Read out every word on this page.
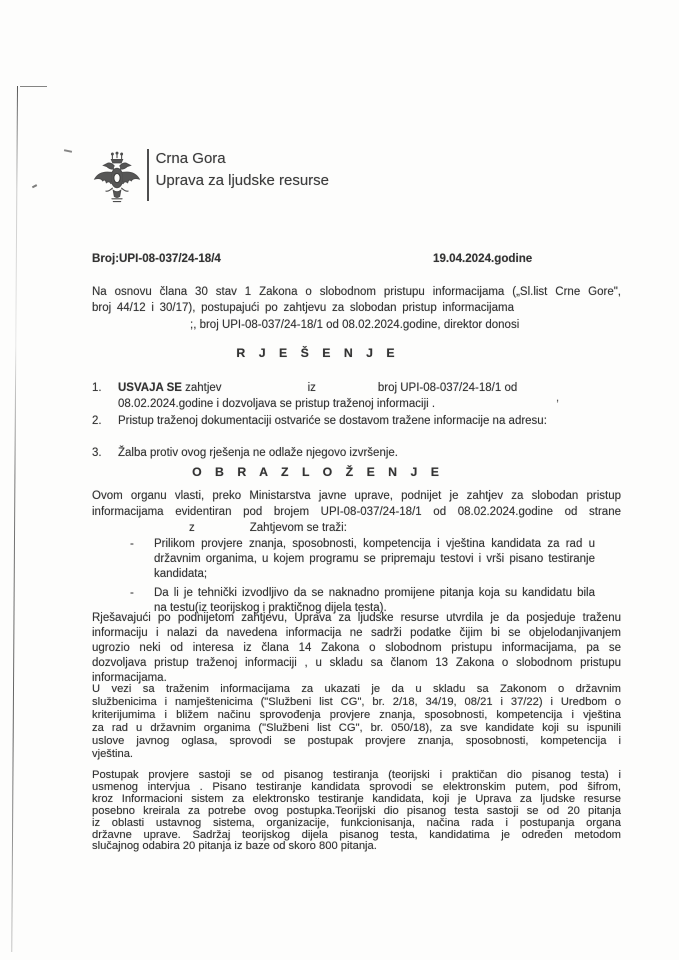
,
Crna Gora
Uprava za ljudske resurse
Broj:UPI-08-037/24-18/4	19.04.2024.godine
Na osnovu člana 30 stav 1 Zakona o slobodnom pristupu informacijama („Sl.list Crne Gore",
broj 44/12 i 30/17), postupajući po zahtjevu za slobodan pristup informacijama
;, broj UPI-08-037/24-18/1 od 08.02.2024.godine, direktor donosi
R J E Š E N J E
1.	USVAJA SE zahtjev	iz	broj UPI-08-037/24-18/1 od
08.02.2024.godine i dozvoljava se pristup traženoj informaciji .
2.	Pristup traženoj dokumentaciji ostvariće se dostavom tražene informacije na adresu:
3.	Žalba protiv ovog rješenja ne odlaže njegovo izvršenje.
O B R A Z L O Ž E N J E
Ovom organu vlasti, preko Ministarstva javne uprave, podnijet je zahtjev za slobodan pristup
informacijama evidentiran pod brojem UPI-08-037/24-18/1 od 08.02.2024.godine od strane
z	Zahtjevom se traži:
-	Prilikom provjere znanja, sposobnosti, kompetencija i vještina kandidata za rad u
državnim organima, u kojem programu se pripremaju testovi i vrši pisano testiranje
kandidata;
-	Da li je tehnički izvodljivo da se naknadno promijene pitanja koja su kandidatu bila
na testu(iz teorijskog i praktičnog dijela testa).
Rješavajući po podnijetom zahtjevu, Uprava za ljudske resurse utvrdila je da posjeduje traženu
informaciju i nalazi da navedena informacija ne sadrži podatke čijim bi se objelodanjivanjem
ugrozio neki od interesa iz člana 14 Zakona o slobodnom pristupu informacijama, pa se
dozvoljava pristup traženoj informaciji , u skladu sa članom 13 Zakona o slobodnom pristupu
informacijama.
U vezi sa traženim informacijama za ukazati je da u skladu sa Zakonom o državnim
službenicima i namještenicima ("Službeni list CG", br. 2/18, 34/19, 08/21 i 37/22) i Uredbom o
kriterijumima i bližem načinu sprovođenja provjere znanja, sposobnosti, kompetencija i vještina
za rad u državnim organima ("Službeni list CG", br. 050/18), za sve kandidate koji su ispunili
uslove javnog oglasa, sprovodi se postupak provjere znanja, sposobnosti, kompetencija i
vještina.
Postupak provjere sastoji se od pisanog testiranja (teorijski i praktičan dio pisanog testa) i
usmenog intervjua . Pisano testiranje kandidata sprovodi se elektronskim putem, pod šifrom,
kroz Informacioni sistem za elektronsko testiranje kandidata, koji je Uprava za ljudske resurse
posebno kreirala za potrebe ovog postupka.Teorijski dio pisanog testa sastoji se od 20 pitanja
iz oblasti ustavnog sistema, organizacije, funkcionisanja, načina rada i postupanja organa
državne uprave. Sadržaj teorijskog dijela pisanog testa, kandidatima je određen metodom
slučajnog odabira 20 pitanja iz baze od skoro 800 pitanja.
